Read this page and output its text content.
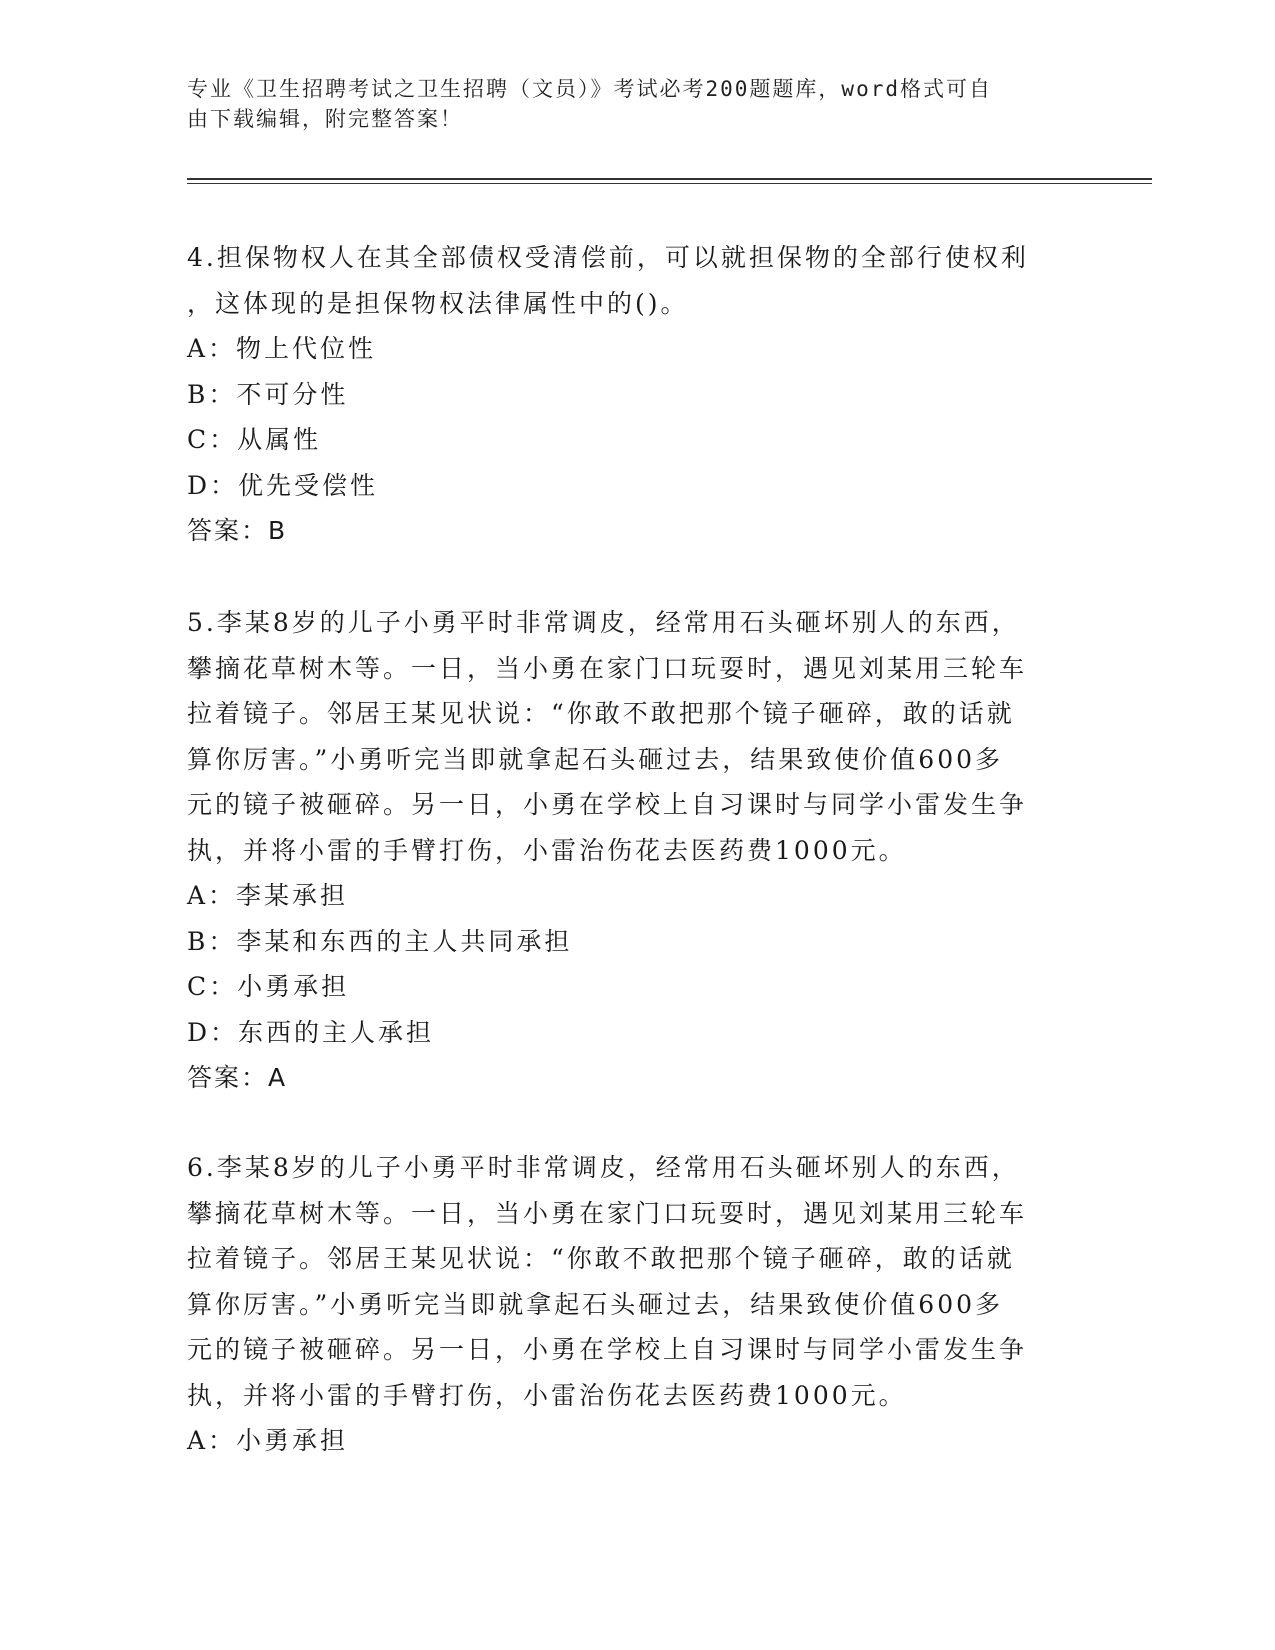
专业《卫生招聘考试之卫生招聘（文员）》考试必考200题题库，word格式可自
由下载编辑，附完整答案！

4.担保物权人在其全部债权受清偿前，可以就担保物的全部行使权利

，这体现的是担保物权法律属性中的()。

A：物上代位性

B：不可分性

C：从属性

D：优先受偿性

答案：B

5.李某8岁的儿子小勇平时非常调皮，经常用石头砸坏别人的东西，

攀摘花草树木等。一日，当小勇在家门口玩耍时，遇见刘某用三轮车

拉着镜子。邻居王某见状说：“你敢不敢把那个镜子砸碎，敢的话就

算你厉害。”小勇听完当即就拿起石头砸过去，结果致使价值600多

元的镜子被砸碎。另一日，小勇在学校上自习课时与同学小雷发生争

执，并将小雷的手臂打伤，小雷治伤花去医药费1000元。

A：李某承担

B：李某和东西的主人共同承担

C：小勇承担

D：东西的主人承担

答案：A

6.李某8岁的儿子小勇平时非常调皮，经常用石头砸坏别人的东西，

攀摘花草树木等。一日，当小勇在家门口玩耍时，遇见刘某用三轮车

拉着镜子。邻居王某见状说：“你敢不敢把那个镜子砸碎，敢的话就

算你厉害。”小勇听完当即就拿起石头砸过去，结果致使价值600多

元的镜子被砸碎。另一日，小勇在学校上自习课时与同学小雷发生争

执，并将小雷的手臂打伤，小雷治伤花去医药费1000元。

A：小勇承担
